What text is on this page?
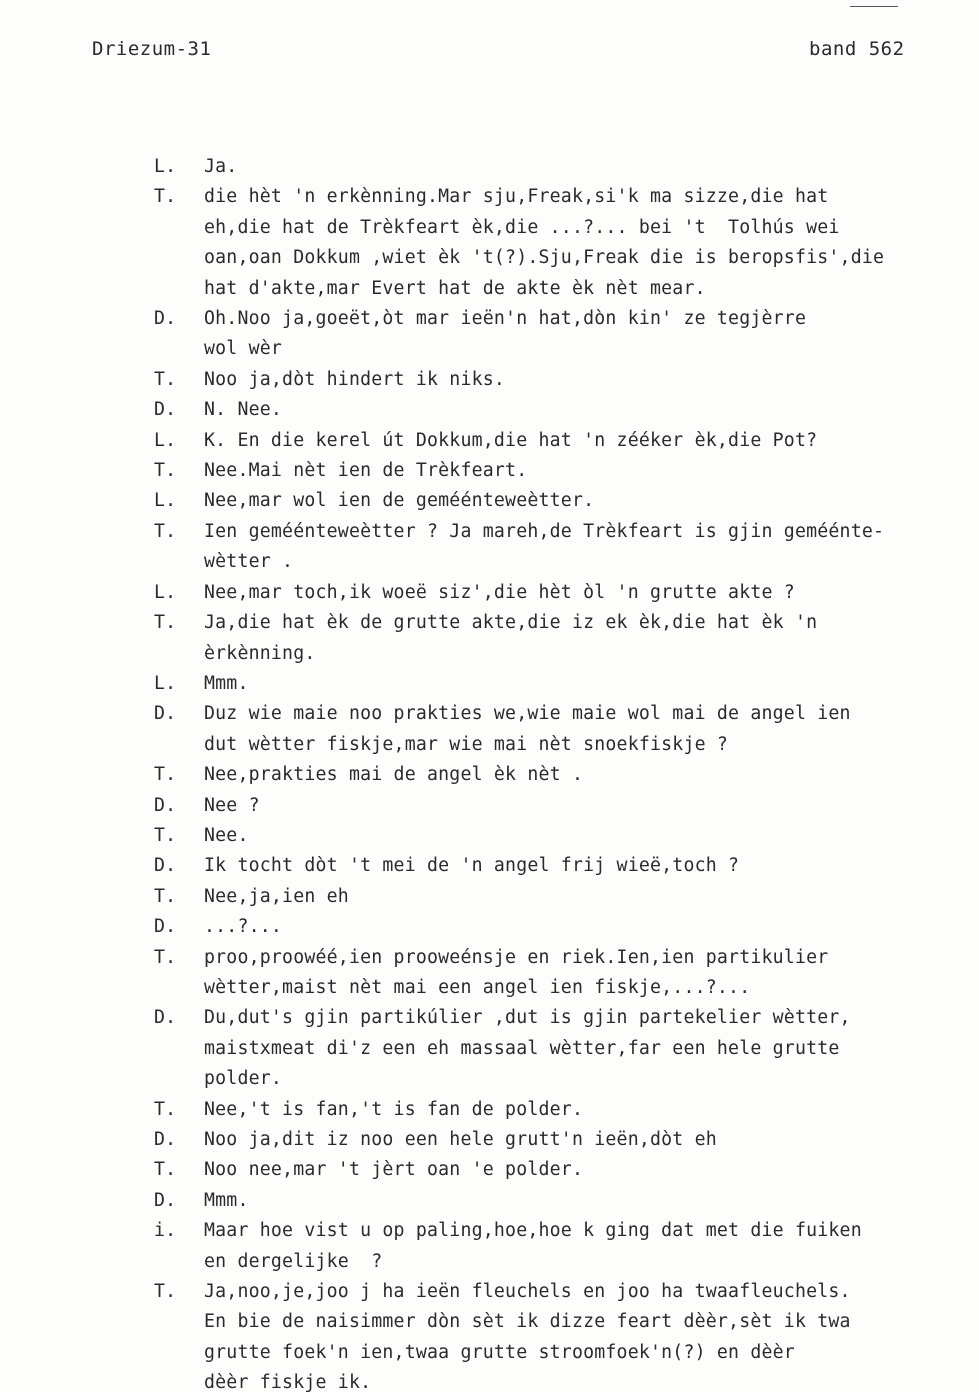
Driezum-31	band 562
L.	Ja.
T.	die hèt 'n erkènning.Mar sju,Freak,si'k ma sizze,die hat
eh,die hat de Trèkfeart èk,die ...?... bei 't  Tolhús wei
oan,oan Dokkum ,wiet èk 't(?).Sju,Freak die is beropsfis',die
hat d'akte,mar Evert hat de akte èk nèt mear.
D.	Oh.Noo ja,goeët,òt mar ieën'n hat,dòn kin' ze tegjèrre
wol wèr
T.	Noo ja,dòt hindert ik niks.
D.	N. Nee.
L.	K. En die kerel út Dokkum,die hat 'n zééker èk,die Pot?
T.	Nee.Mai nèt ien de Trèkfeart.
L.	Nee,mar wol ien de geméénteweètter.
T.	Ien geméénteweètter ? Ja mareh,de Trèkfeart is gjin geméénte-
wètter .
L.	Nee,mar toch,ik woeë siz',die hèt òl 'n grutte akte ?
T.	Ja,die hat èk de grutte akte,die iz ek èk,die hat èk 'n
èrkènning.
L.	Mmm.
D.	Duz wie maie noo prakties we,wie maie wol mai de angel ien
dut wètter fiskje,mar wie mai nèt snoekfiskje ?
T.	Nee,prakties mai de angel èk nèt .
D.	Nee ?
T.	Nee.
D.	Ik tocht dòt 't mei de 'n angel frij wieë,toch ?
T.	Nee,ja,ien eh
D.	...?...
T.	proo,proowéé,ien prooweénsje en riek.Ien,ien partikulier
wètter,maist nèt mai een angel ien fiskje,...?...
D.	Du,dut's gjin partikúlier ,dut is gjin partekelier wètter,
maistxmeat di'z een eh massaal wètter,far een hele grutte
polder.
T.	Nee,'t is fan,'t is fan de polder.
D.	Noo ja,dit iz noo een hele grutt'n ieën,dòt eh
T.	Noo nee,mar 't jèrt oan 'e polder.
D.	Mmm.
i.	Maar hoe vist u op paling,hoe,hoe k ging dat met die fuiken
en dergelijke  ?
T.	Ja,noo,je,joo j ha ieën fleuchels en joo ha twaafleuchels.
En bie de naisimmer dòn sèt ik dizze feart dèèr,sèt ik twa
grutte foek'n ien,twaa grutte stroomfoek'n(?) en dèèr
dèèr fiskje ik.
